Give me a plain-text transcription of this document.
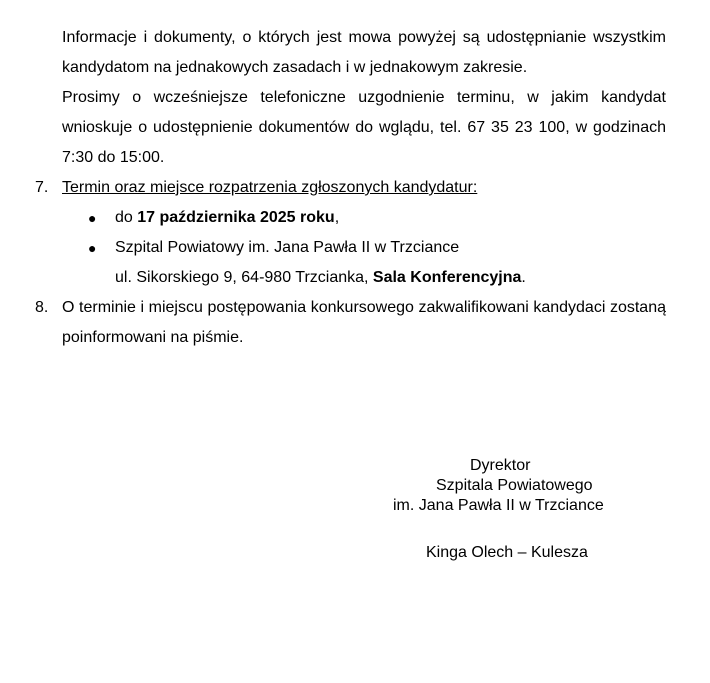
Informacje i dokumenty, o których jest mowa powyżej są udostępnianie wszystkim kandydatom na jednakowych zasadach i w jednakowym zakresie.

Prosimy o wcześniejsze telefoniczne uzgodnienie terminu, w jakim kandydat wnioskuje o udostępnienie dokumentów do wglądu, tel. 67 35 23 100, w godzinach 7:30 do 15:00.

7. Termin oraz miejsce rozpatrzenia zgłoszonych kandydatur:
● do 17 października 2025 roku,
● Szpital Powiatowy im. Jana Pawła II w Trzciance
ul. Sikorskiego 9, 64-980 Trzcianka, Sala Konferencyjna.
8. O terminie i miejscu postępowania konkursowego zakwalifikowani kandydaci zostaną poinformowani na piśmie.

Dyrektor
Szpitala Powiatowego
im. Jana Pawła II w Trzciance
Kinga Olech – Kulesza
